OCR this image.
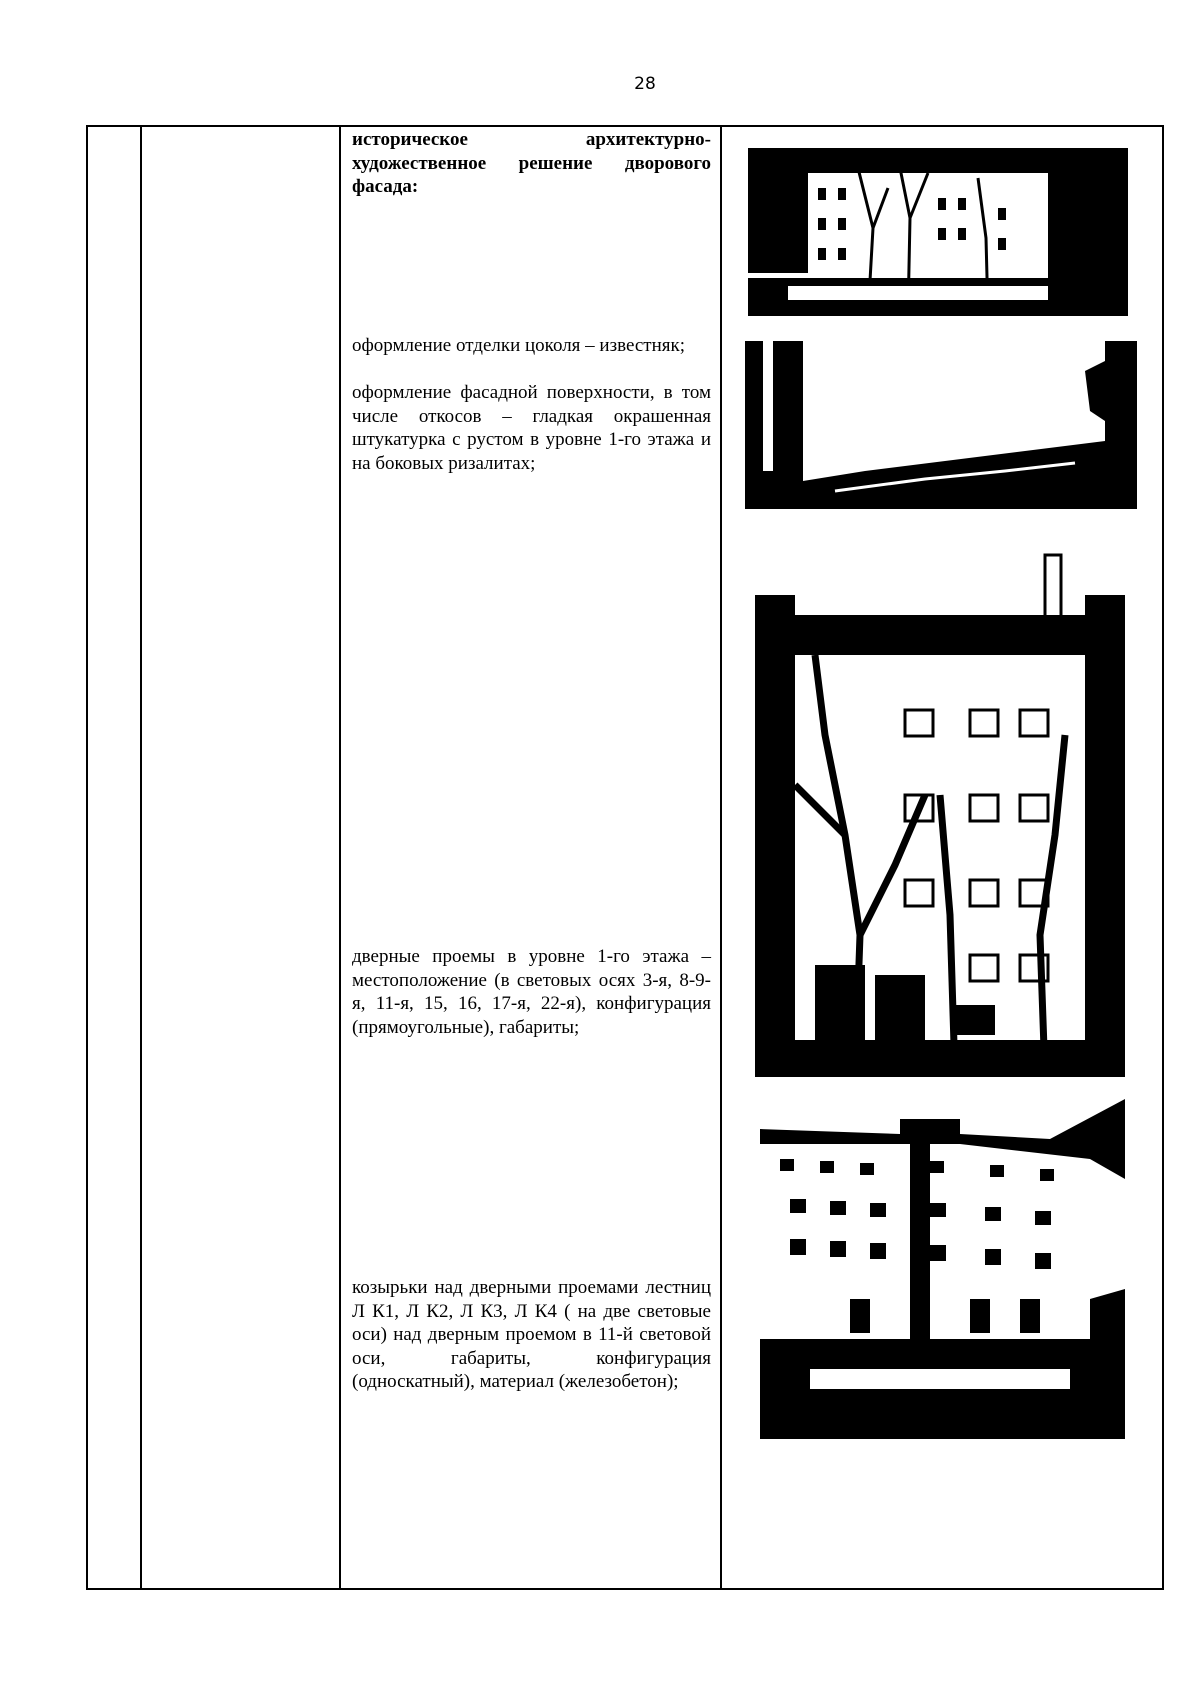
28
историческое архитектурно-художественное решение дворового фасада:
оформление отделки цоколя – известняк;
оформление фасадной поверхности, в том числе откосов – гладкая окрашенная штукатурка с рустом в уровне 1-го этажа и на боковых ризалитах;
дверные проемы в уровне 1-го этажа – местоположение (в световых осях 3-я, 8-9-я, 11-я, 15, 16, 17-я, 22-я), конфигурация (прямоугольные), габариты;
козырьки над дверными проемами лестниц Л К1, Л К2, Л К3, Л К4 ( на две световые оси) над дверным проемом в 11-й световой оси, габариты, конфигурация (односкатный), материал (железобетон);
